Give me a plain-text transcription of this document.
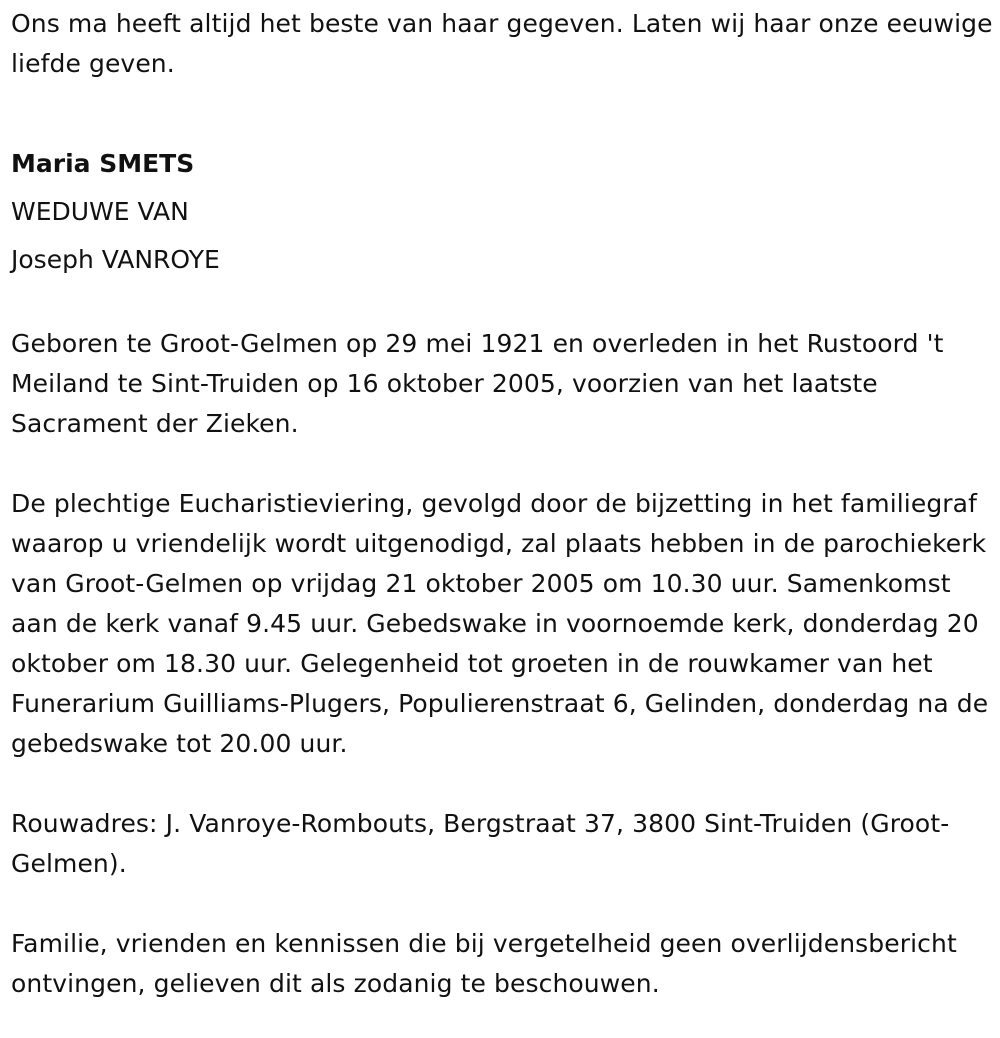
Ons ma heeft altijd het beste van haar gegeven. Laten wij haar onze eeuwige liefde geven.

Maria SMETS

WEDUWE VAN

Joseph VANROYE

Geboren te Groot-Gelmen op 29 mei 1921 en overleden in het Rustoord 't Meiland te Sint-Truiden op 16 oktober 2005, voorzien van het laatste Sacrament der Zieken.

De plechtige Eucharistieviering, gevolgd door de bijzetting in het familiegraf waarop u vriendelijk wordt uitgenodigd, zal plaats hebben in de parochiekerk van Groot-Gelmen op vrijdag 21 oktober 2005 om 10.30 uur. Samenkomst aan de kerk vanaf 9.45 uur. Gebedswake in voornoemde kerk, donderdag 20 oktober om 18.30 uur. Gelegenheid tot groeten in de rouwkamer van het Funerarium Guilliams-Plugers, Populierenstraat 6, Gelinden, donderdag na de gebedswake tot 20.00 uur.

Rouwadres: J. Vanroye-Rombouts, Bergstraat 37, 3800 Sint-Truiden (Groot-Gelmen).

Familie, vrienden en kennissen die bij vergetelheid geen overlijdensbericht ontvingen, gelieven dit als zodanig te beschouwen.
